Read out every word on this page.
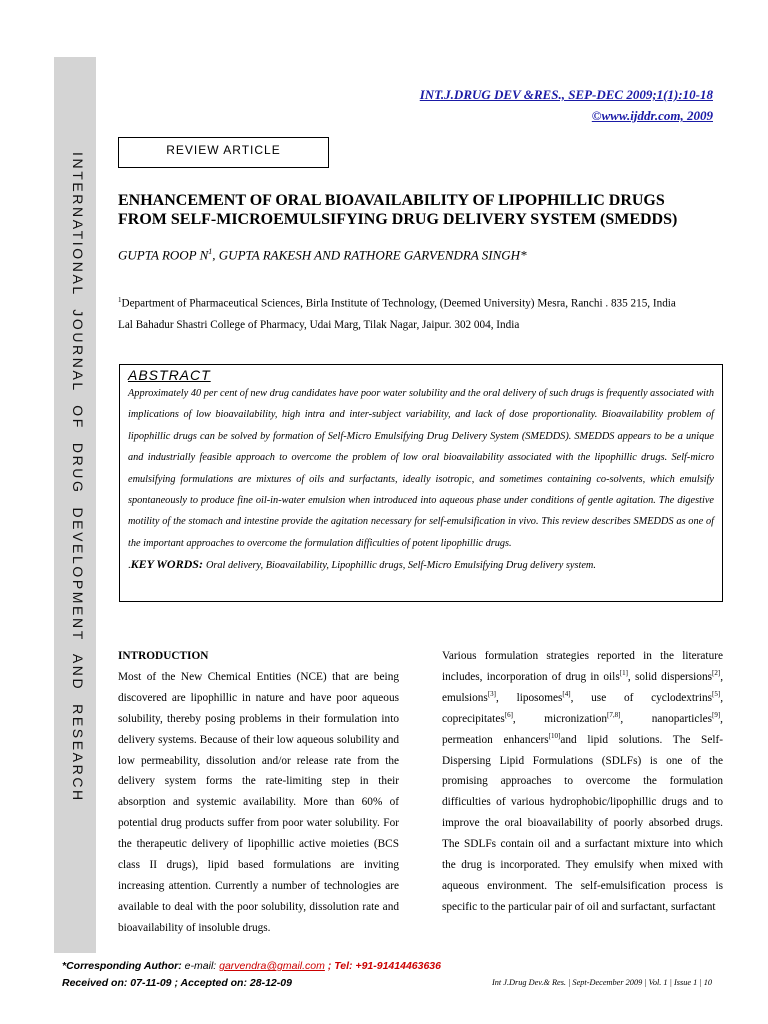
INTERNATIONAL  JOURNAL  OF  DRUG  DEVELOPMENT  AND  RESEARCH
INT.J.DRUG DEV &RES., SEP-DEC 2009;1(1):10-18
©www.ijddr.com, 2009
REVIEW ARTICLE
ENHANCEMENT OF ORAL BIOAVAILABILITY OF LIPOPHILLIC DRUGS
FROM SELF-MICROEMULSIFYING DRUG DELIVERY SYSTEM (SMEDDS)
GUPTA ROOP $N^1$, GUPTA RAKESH AND RATHORE GARVENDRA SINGH*
$^1$Department of Pharmaceutical Sciences, Birla Institute of Technology, (Deemed University) Mesra, Ranchi . 835 215, India
Lal Bahadur Shastri College of Pharmacy, Udai Marg, Tilak Nagar, Jaipur. 302 004, India
ABSTRACT
Approximately 40 per cent of new drug candidates have poor water solubility and the oral delivery of such drugs is frequently associated with implications of low bioavailability, high intra and inter-subject variability, and lack of dose proportionality. Bioavailability problem of lipophillic drugs can be solved by formation of Self-Micro Emulsifying Drug Delivery System (SMEDDS). SMEDDS appears to be a unique and industrially feasible approach to overcome the problem of low oral bioavailability associated with the lipophillic drugs. Self-micro emulsifying formulations are mixtures of oils and surfactants, ideally isotropic, and sometimes containing co-solvents, which emulsify spontaneously to produce fine oil-in-water emulsion when introduced into aqueous phase under conditions of gentle agitation. The digestive motility of the stomach and intestine provide the agitation necessary for self-emulsification in vivo. This review describes SMEDDS as one of the important approaches to overcome the formulation difficulties of potent lipophillic drugs.
.KEY WORDS: Oral delivery, Bioavailability, Lipophillic drugs, Self-Micro Emulsifying Drug delivery system.
INTRODUCTION
Most of the New Chemical Entities (NCE) that are being discovered are lipophillic in nature and have poor aqueous solubility, thereby posing problems in their formulation into delivery systems. Because of their low aqueous solubility and low permeability, dissolution and/or release rate from the delivery system forms the rate-limiting step in their absorption and systemic availability. More than 60% of potential drug products suffer from poor water solubility. For the therapeutic delivery of lipophillic active moieties (BCS class II drugs), lipid based formulations are inviting increasing attention. Currently a number of technologies are available to deal with the poor solubility, dissolution rate and bioavailability of insoluble drugs.
Various formulation strategies reported in the literature includes, incorporation of drug in oils[1], solid dispersions[2], emulsions[3], liposomes[4], use of cyclodextrins[5], coprecipitates[6], micronization[7,8], nanoparticles[9], permeation enhancers[10]and lipid solutions. The Self-Dispersing Lipid Formulations (SDLFs) is one of the promising approaches to overcome the formulation difficulties of various hydrophobic/lipophillic drugs and to improve the oral bioavailability of poorly absorbed drugs. The SDLFs contain oil and a surfactant mixture into which the drug is incorporated. They emulsify when mixed with aqueous environment. The self-emulsification process is specific to the particular pair of oil and surfactant, surfactant
*Corresponding Author: e-mail: garvendra@gmail.com ; Tel: +91-91414463636
Received on: 07-11-09 ; Accepted on: 28-12-09	Int J.Drug Dev.& Res. | Sept-December 2009 | Vol. 1 | Issue 1 | 10
